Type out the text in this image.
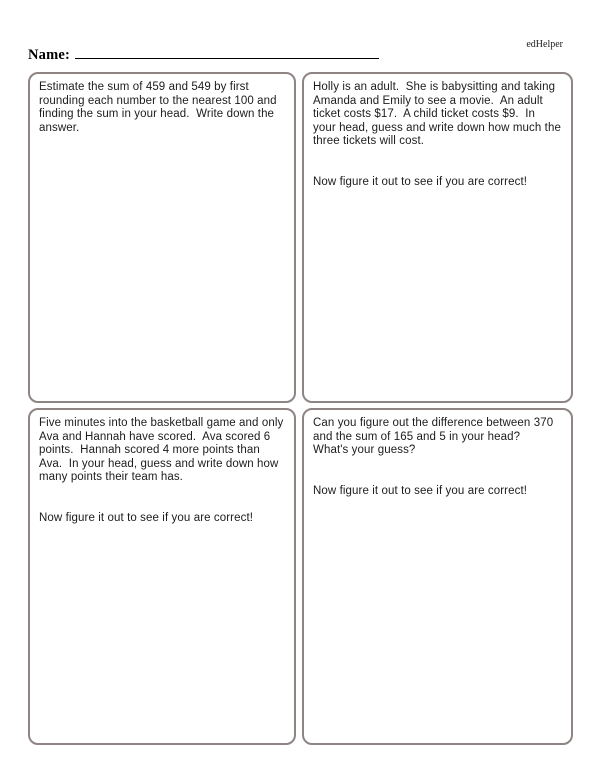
edHelper
Name:
Estimate the sum of 459 and 549 by first rounding each number to the nearest 100 and finding the sum in your head.  Write down the answer.
Holly is an adult.  She is babysitting and taking Amanda and Emily to see a movie.  An adult ticket costs $17.  A child ticket costs $9.  In your head, guess and write down how much the three tickets will cost.
Now figure it out to see if you are correct!
Five minutes into the basketball game and only Ava and Hannah have scored.  Ava scored 6 points.  Hannah scored 4 more points than Ava.  In your head, guess and write down how many points their team has.
Now figure it out to see if you are correct!
Can you figure out the difference between 370 and the sum of 165 and 5 in your head?  What's your guess?
Now figure it out to see if you are correct!
